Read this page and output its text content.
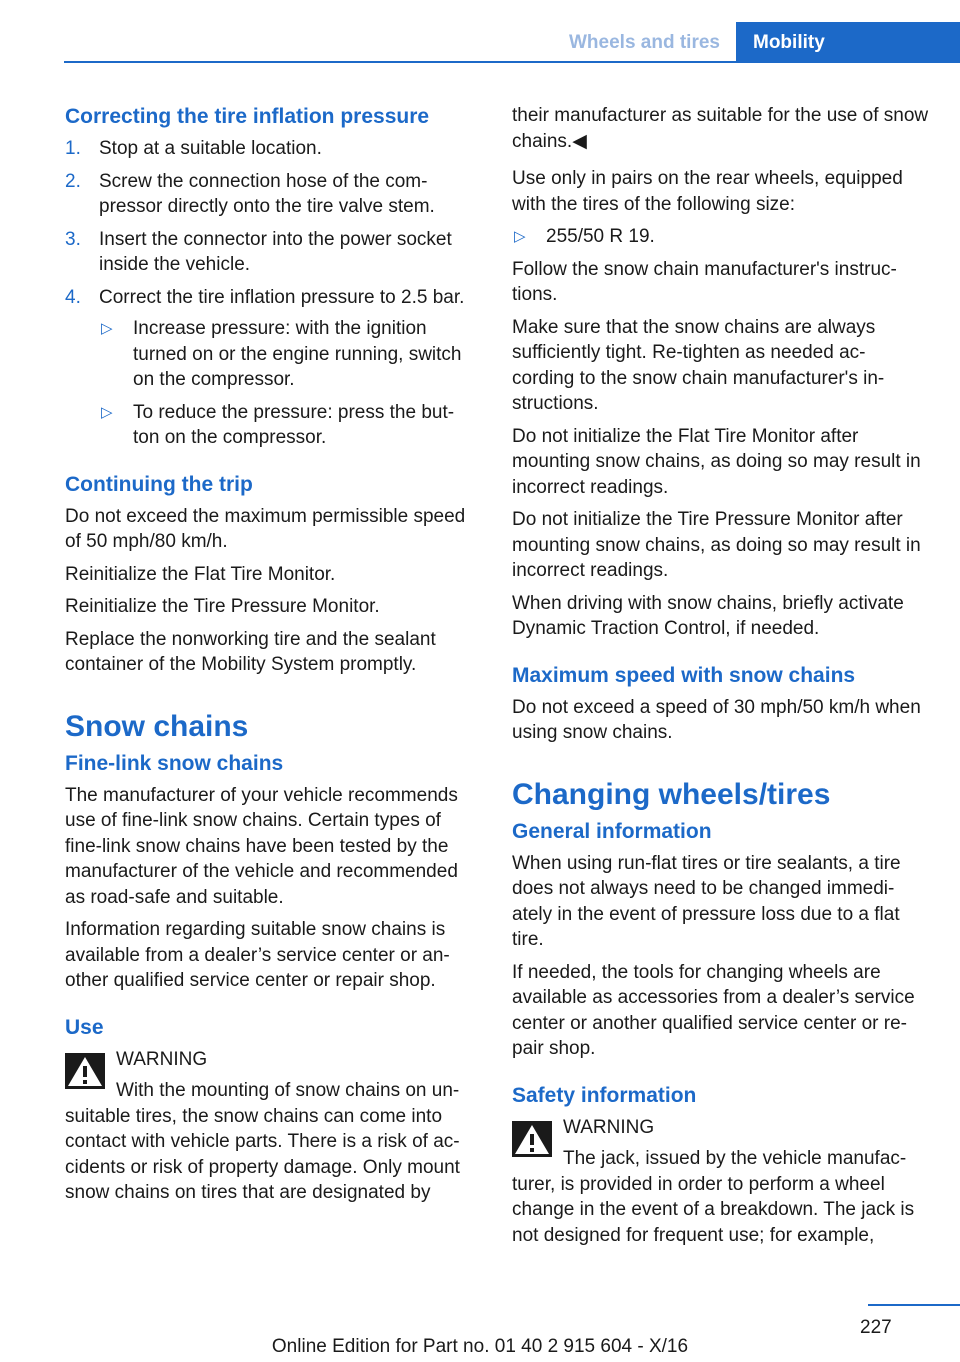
Wheels and tires	Mobility
Correcting the tire inflation pressure
1. Stop at a suitable location.
2. Screw the connection hose of the com‐ pressor directly onto the tire valve stem.
3. Insert the connector into the power socket inside the vehicle.
4. Correct the tire inflation pressure to 2.5 bar.
▷ Increase pressure: with the ignition turned on or the engine running, switch on the compressor.
▷ To reduce the pressure: press the but‐ ton on the compressor.
Continuing the trip

Do not exceed the maximum permissible speed of 50 mph/80 km/h.

Reinitialize the Flat Tire Monitor.

Reinitialize the Tire Pressure Monitor.

Replace the nonworking tire and the sealant container of the Mobility System promptly.

Snow chains
Fine-link snow chains

The manufacturer of your vehicle recommends use of fine-link snow chains. Certain types of fine-link snow chains have been tested by the manufacturer of the vehicle and recommended as road-safe and suitable.

Information regarding suitable snow chains is available from a dealer’s service center or an‐ other qualified service center or repair shop.

Use
WARNING
With the mounting of snow chains on un‐
suitable tires, the snow chains can come into contact with vehicle parts. There is a risk of ac‐ cidents or risk of property damage. Only mount snow chains on tires that are designated by

their manufacturer as suitable for the use of snow chains.◀

Use only in pairs on the rear wheels, equipped with the tires of the following size:

▷ 255/50 R 19.

Follow the snow chain manufacturer's instruc‐ tions.

Make sure that the snow chains are always sufficiently tight. Re-tighten as needed ac‐ cording to the snow chain manufacturer's in‐ structions.

Do not initialize the Flat Tire Monitor after mounting snow chains, as doing so may result in incorrect readings.

Do not initialize the Tire Pressure Monitor after mounting snow chains, as doing so may result in incorrect readings.

When driving with snow chains, briefly activate Dynamic Traction Control, if needed.

Maximum speed with snow chains

Do not exceed a speed of 30 mph/50 km/h when using snow chains.

Changing wheels/tires
General information

When using run-flat tires or tire sealants, a tire does not always need to be changed immedi‐ ately in the event of pressure loss due to a flat tire.

If needed, the tools for changing wheels are available as accessories from a dealer’s service center or another qualified service center or re‐ pair shop.

Safety information
WARNING
The jack, issued by the vehicle manufac‐
turer, is provided in order to perform a wheel change in the event of a breakdown. The jack is not designed for frequent use; for example,
227
Online Edition for Part no. 01 40 2 915 604 - X/16
